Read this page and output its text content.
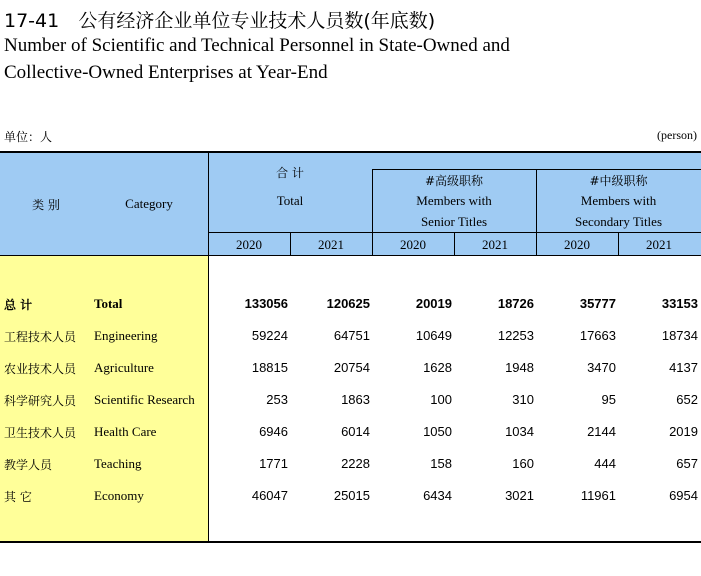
17-41 公有经济企业单位专业技术人员数(年底数)
Number of Scientific and Technical Personnel in State-Owned and
Collective-Owned Enterprises at Year-End
单位：人	(person)
类 别	Category
合 计
Total
#高级职称
Members with
Senior Titles
#中级职称
Members with
Secondary Titles
2020	2021	2020	2021	2020	2021
总 计	Total	133056	120625	20019	18726	35777	33153
工程技术人员 Engineering	59224	64751	10649	12253	17663	18734
农业技术人员 Agriculture	18815	20754	1628	1948	3470	4137
科学研究人员 Scientific Research	253	1863	100	310	95	652
卫生技术人员 Health Care	6946	6014	1050	1034	2144	2019
教学人员	Teaching	1771	2228	158	160	444	657
其 它	Economy	46047	25015	6434	3021	11961	6954
